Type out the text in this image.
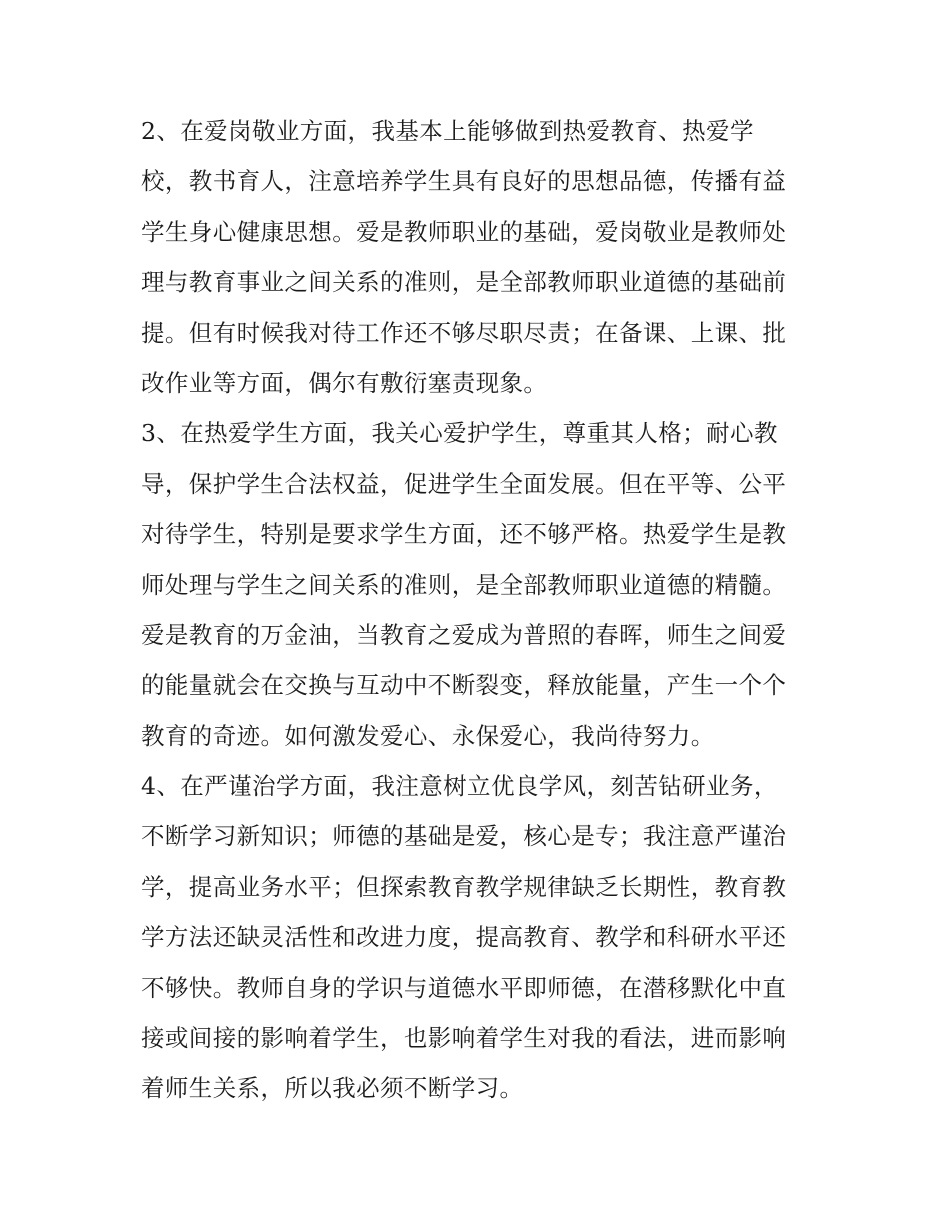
2、在爱岗敬业方面，我基本上能够做到热爱教育、热爱学
校，教书育人，注意培养学生具有良好的思想品德，传播有益
学生身心健康思想。爱是教师职业的基础，爱岗敬业是教师处
理与教育事业之间关系的准则，是全部教师职业道德的基础前
提。但有时候我对待工作还不够尽职尽责；在备课、上课、批
改作业等方面，偶尔有敷衍塞责现象。
3、在热爱学生方面，我关心爱护学生，尊重其人格；耐心教
导，保护学生合法权益，促进学生全面发展。但在平等、公平
对待学生，特别是要求学生方面，还不够严格。热爱学生是教
师处理与学生之间关系的准则，是全部教师职业道德的精髓。
爱是教育的万金油，当教育之爱成为普照的春晖，师生之间爱
的能量就会在交换与互动中不断裂变，释放能量，产生一个个
教育的奇迹。如何激发爱心、永保爱心，我尚待努力。
4、在严谨治学方面，我注意树立优良学风，刻苦钻研业务，
不断学习新知识；师德的基础是爱，核心是专；我注意严谨治
学，提高业务水平；但探索教育教学规律缺乏长期性，教育教
学方法还缺灵活性和改进力度，提高教育、教学和科研水平还
不够快。教师自身的学识与道德水平即师德，在潜移默化中直
接或间接的影响着学生，也影响着学生对我的看法，进而影响
着师生关系，所以我必须不断学习。
